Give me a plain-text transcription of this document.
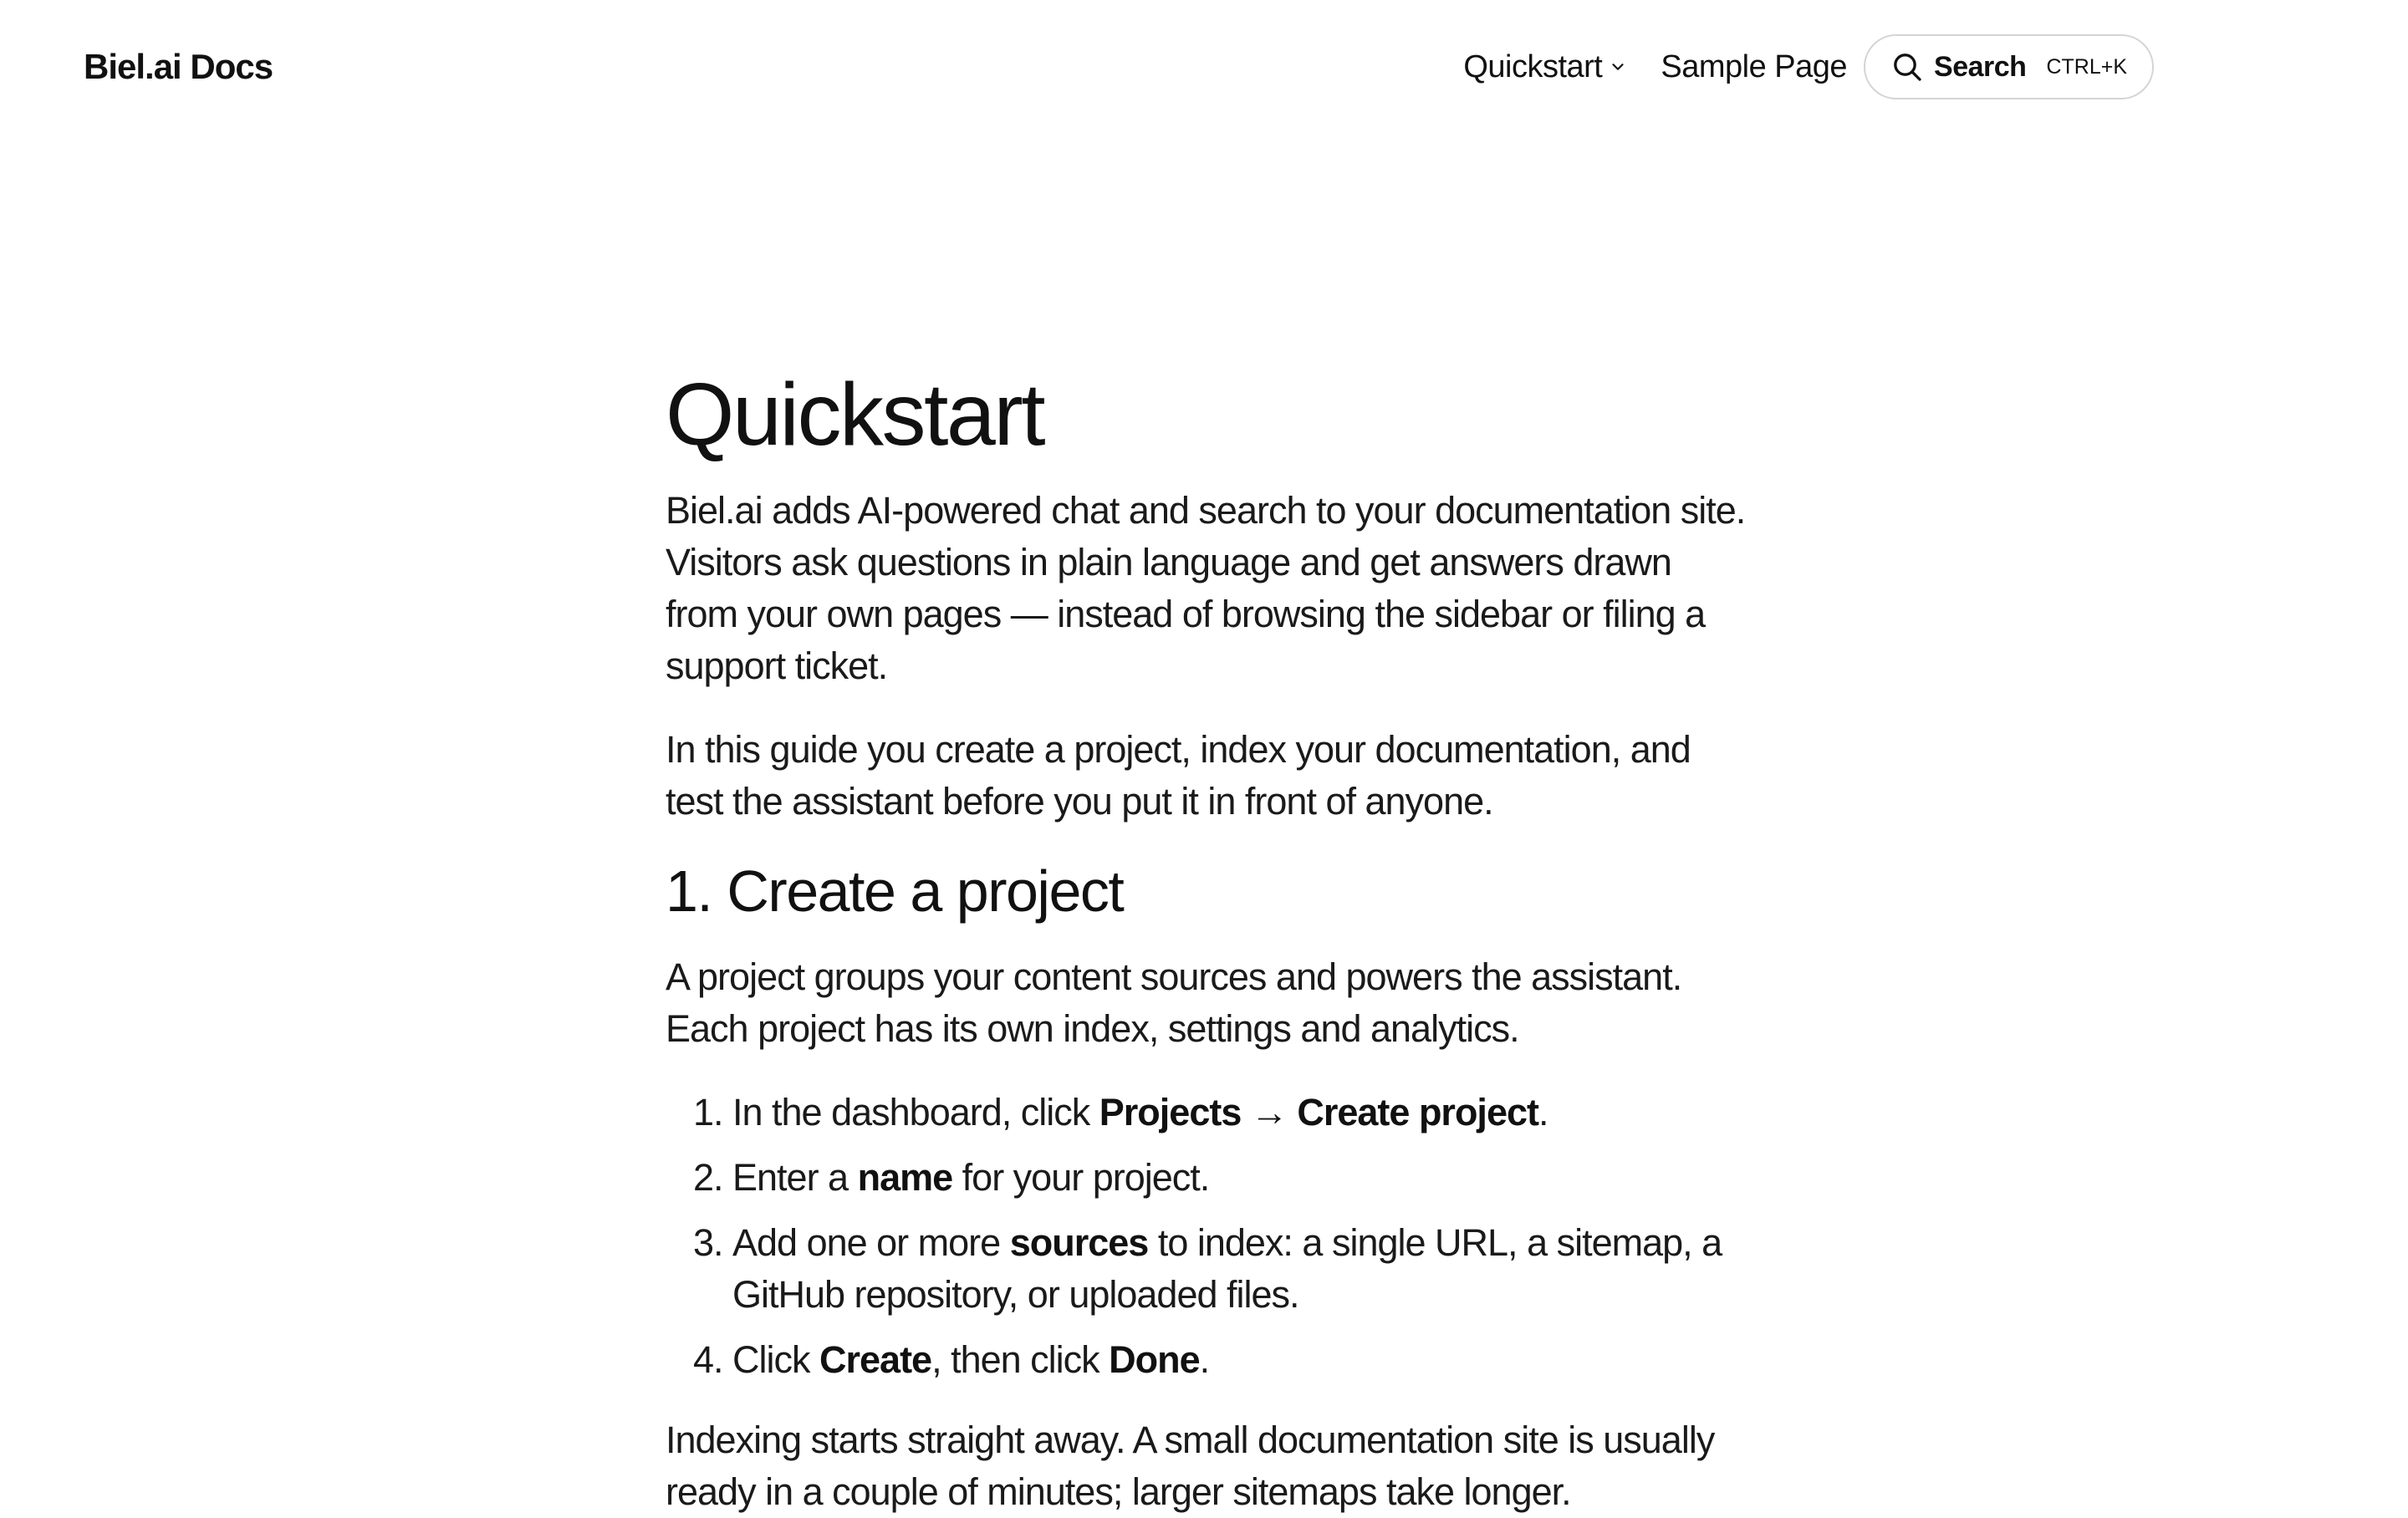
Biel.ai Docs	Quickstart Sample Page	Search CTRL+K
Quickstart

Biel.ai adds AI-powered chat and search to your documentation site. Visitors ask questions in plain language and get answers drawn from your own pages — instead of browsing the sidebar or filing a support ticket.

In this guide you create a project, index your documentation, and test the assistant before you put it in front of anyone.

1. Create a project

A project groups your content sources and powers the assistant. Each project has its own index, settings and analytics.

1. In the dashboard, click Projects → Create project.
2. Enter a name for your project.
3. Add one or more sources to index: a single URL, a sitemap, a GitHub repository, or uploaded files.
4. Click Create, then click Done.

Indexing starts straight away. A small documentation site is usually ready in a couple of minutes; larger sitemaps take longer.
